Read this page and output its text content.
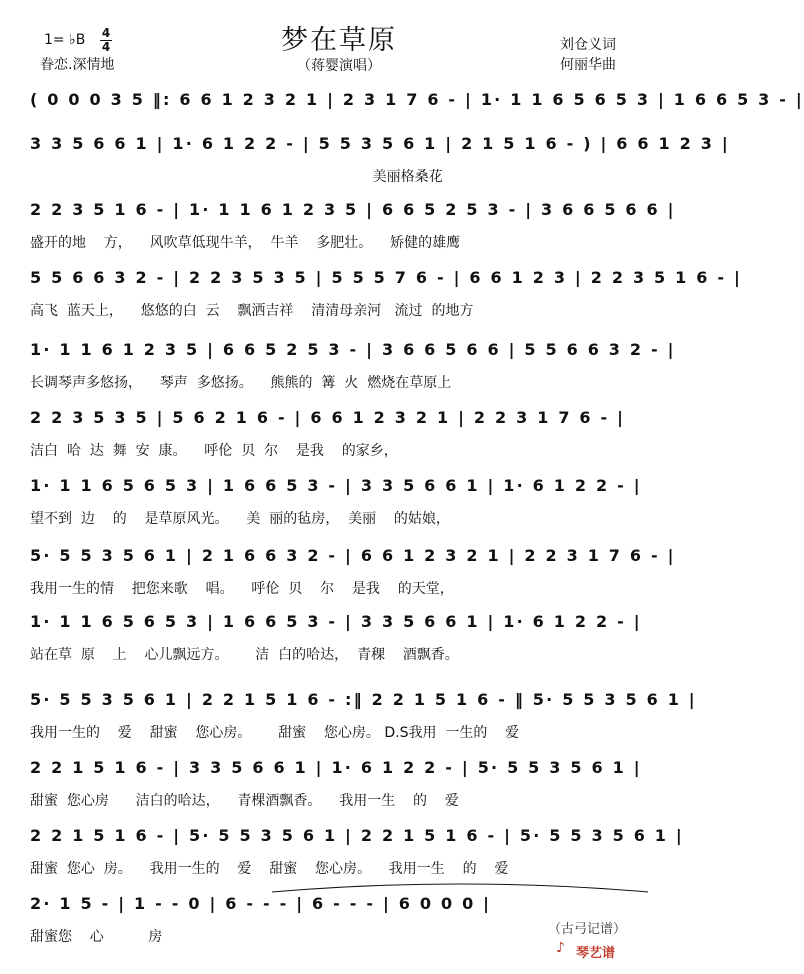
梦在草原
1= ♭B 4
4
眷恋.深情地	（蒋婴演唱）
刘仓义词
何丽华曲
( 0 0 0 3 5 ‖: 6 6 1 2 3 2 1 | 2 3 1 7 6 - | 1· 1 1 6 5 6 5 3 | 1 6 6 5 3 - |
3 3 5 6 6 1 | 1· 6 1 2 2 - | 5 5 3 5 6 1 | 2 1 5 1 6 - ) | 6 6 1 2 3 |
美丽格桑花
2 2 3 5 1 6 - | 1· 1 1 6 1 2 3 5 | 6 6 5 2 5 3 - | 3 6 6 5 6 6 |
盛开的地    方，    风吹草低现牛羊，  牛羊    多肥壮。    矫健的雄鹰
5 5 6 6 3 2 - | 2 2 3 5 3 5 | 5 5 5 7 6 - | 6 6 1 2 3 | 2 2 3 5 1 6 - |
高飞  蓝天上，    悠悠的白  云    飘洒吉祥    清清母亲河   流过  的地方
1· 1 1 6 1 2 3 5 | 6 6 5 2 5 3 - | 3 6 6 5 6 6 | 5 5 6 6 3 2 - |
长调琴声多悠扬，    琴声  多悠扬。    熊熊的  篝  火  燃烧在草原上
2 2 3 5 3 5 | 5 6 2 1 6 - | 6 6 1 2 3 2 1 | 2 2 3 1 7 6 - |
洁白  哈  达  舞  安  康。    呼伦  贝  尔    是我    的家乡，
1· 1 1 6 5 6 5 3 | 1 6 6 5 3 - | 3 3 5 6 6 1 | 1· 6 1 2 2 - |
望不到  边    的    是草原风光。    美  丽的毡房，  美丽    的姑娘，
5· 5 5 3 5 6 1 | 2 1 6 6 3 2 - | 6 6 1 2 3 2 1 | 2 2 3 1 7 6 - |
我用一生的情    把您来歌    唱。    呼伦  贝    尔    是我    的天堂，
1· 1 1 6 5 6 5 3 | 1 6 6 5 3 - | 3 3 5 6 6 1 | 1· 6 1 2 2 - |
站在草  原    上    心儿飘远方。      洁  白的哈达，  青稞    酒飘香。
5· 5 5 3 5 6 1 | 2 2 1 5 1 6 - :‖ 2 2 1 5 1 6 - ‖ 5· 5 5 3 5 6 1 |
我用一生的    爱    甜蜜    您心房。      甜蜜    您心房。 D.S我用  一生的    爱
2 2 1 5 1 6 - | 3 3 5 6 6 1 | 1· 6 1 2 2 - | 5· 5 5 3 5 6 1 |
甜蜜  您心房      洁白的哈达，    青棵酒飘香。    我用一生    的    爱
2 2 1 5 1 6 - | 5· 5 5 3 5 6 1 | 2 2 1 5 1 6 - | 5· 5 5 3 5 6 1 |
甜蜜  您心  房。    我用一生的    爱    甜蜜    您心房。    我用一生    的    爱
2· 1 5 - | 1 - - 0 | 6 - - - | 6 - - - | 6 0 0 0 |
甜蜜您    心          房	（古弓记谱）
♪ 琴艺谱
